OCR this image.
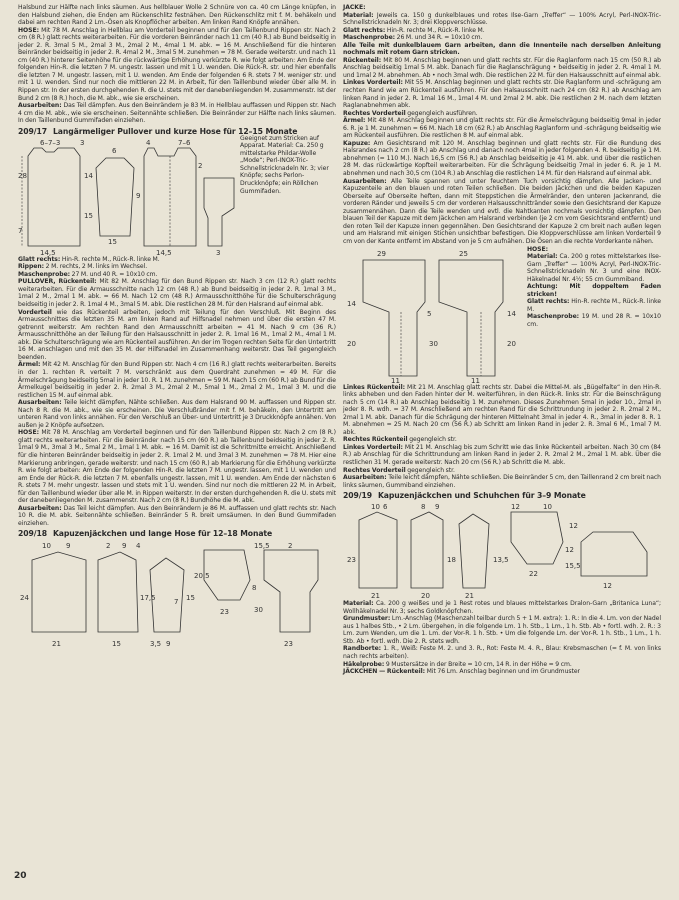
Halsbund zur Hälfte nach links säumen. Aus hellblauer Wolle 2 Schnüre von ca. 40 cm Länge knüpfen, in den Halsbund ziehen, die Enden am Rückenschlitz festnähen. Den Rückenschlitz mit f. M. behäkeln und dabei am rechten Rand 2 Lm.-Ösen als Knopflöcher arbeiten. Am linken Rand Knöpfe annähen.

HOSE: Mit 78 M. Anschlag in Hellblau am Vorderteil beginnen und für den Taillenbund Rippen str. Nach 2 cm (8 R.) glatt rechts weiterarbeiten. Für die vorderen Beinränder nach 11 cm (40 R.) ab Bund beidseitig in jeder 2. R. 3mal 5 M., 2mal 3 M., 2mal 2 M., 4mal 1 M. abk. = 16 M. Anschließend für die hinteren Beinränder beidseitig in jeder 2. R. 4mal 2 M., 3mal 5 M. zunehmen = 78 M. Gerade weiterstr. und nach 11 cm (40 R.) hinterer Seitenhöhe für die rückwärtige Erhöhung verkürzte R. wie folgt arbeiten: Am Ende der folgenden Hin-R. die letzten 7 M. ungestr. lassen und mit 1 U. wenden. Die Rück-R. str. und hier ebenfalls die letzten 7 M. ungestr. lassen, mit 1 U. wenden. Am Ende der folgenden 6 R. stets 7 M. weniger str. und mit 1 U. wenden. Sind nur noch die mittleren 22 M. in Arbeit, für den Taillenbund wieder über alle M. in Rippen str. In der ersten durchgehenden R. die U. stets mit der danebenliegenden M. zusammenstr. Ist der Bund 2 cm (8 R.) hoch, die M. abk., wie sie erscheinen.

Ausarbeiten: Das Teil dämpfen. Aus den Beinrändern je 83 M. in Hellblau auffassen und Rippen str. Nach 4 cm die M. abk., wie sie erscheinen. Seitennähte schließen. Die Beinränder zur Hälfte nach links säumen. In den Taillenbund Gummifaden einziehen.

209/17 Langärmeliger Pullover und kurze Hose für 12–15 Monate
6–7–3	3
6
4	7–6
28	14
9
15
2
7
14,5	14,5
15
3

Geeignet zum Stricken auf Apparat. Material: Ca. 250 g mittelstarke Phildar-Wolle „Mode“; Perl-INOX-Tric-Schnellstricknadeln Nr. 3; vier Knöpfe; sechs Perlon-Druckknöpfe; ein Röllchen Gummifaden.

Glatt rechts: Hin-R. rechte M., Rück-R. linke M.

Rippen: 2 M. rechts, 2 M. links im Wechsel.

Maschenprobe: 27 M. und 40 R. = 10x10 cm.

PULLOVER, Rückenteil: Mit 82 M. Anschlag für den Bund Rippen str. Nach 3 cm (12 R.) glatt rechts weiterarbeiten. Für die Armausschnitte nach 12 cm (48 R.) ab Bund beidseitig in jeder 2. R. 1mal 3 M., 1mal 2 M., 2mal 1 M. abk. = 66 M. Nach 12 cm (48 R.) Armausschnitthöhe für die Schulterschrägung beidseitig in jeder 2. R. 1mal 4 M., 3mal 5 M. abk. Die restlichen 28 M. für den Halsrand auf einmal abk.

Vorderteil wie das Rückenteil arbeiten, jedoch mit Teilung für den Verschluß. Mit Beginn des Armausschnittes die letzten 35 M. am linken Rand auf Hilfsnadel nehmen und über die ersten 47 M. getrennt weiterstr. Am rechten Rand den Armausschnitt arbeiten = 41 M. Nach 9 cm (36 R.) Armausschnitthöhe an der Teilung für den Halsausschnitt in jeder 2. R. 1mal 16 M., 1mal 2 M., 4mal 1 M. abk. Die Schulterschrägung wie am Rückenteil ausführen. An der im Trogen rechten Seite für den Untertritt 16 M. anschlagen und mit den 35 M. der Hilfsnadel im Zusammenhang weiterstr. Das Teil gegengleich beenden.

Ärmel: Mit 42 M. Anschlag für den Bund Rippen str. Nach 4 cm (16 R.) glatt rechts weiterarbeiten. Bereits in der 1. rechten R. verteilt 7 M. verschränkt aus dem Querdraht zunehmen = 49 M. Für die Ärmelschrägung beidseitig 5mal in jeder 10. R. 1 M. zunehmen = 59 M. Nach 15 cm (60 R.) ab Bund für die Ärmelkugel beidseitig in jeder 2. R. 2mal 3 M., 2mal 2 M., 5mal 1 M., 2mal 2 M., 1mal 3 M. und die restlichen 15 M. auf einmal abk.

Ausarbeiten: Teile leicht dämpfen, Nähte schließen. Aus dem Halsrand 90 M. auffassen und Rippen str. Nach 8 R. die M. abk., wie sie erscheinen. Die Verschlußränder mit f. M. behäkeln, den Untertritt am unteren Rand von links annähen. Für den Verschluß an Über- und Untertritt je 3 Druckknöpfe annähen. Von außen je 2 Knöpfe aufsetzen.

HOSE: Mit 78 M. Anschlag am Vorderteil beginnen und für den Taillenbund Rippen str. Nach 2 cm (8 R.) glatt rechts weiterarbeiten. Für die Beinränder nach 15 cm (60 R.) ab Taillenbund beidseitig in jeder 2. R. 1mal 9 M., 3mal 3 M., 5mal 2 M., 1mal 1 M. abk. = 16 M. Damit ist die Schrittmitte erreicht. Anschließend für die hinteren Beinränder beidseitig in jeder 2. R. 1mal 2 M. und 3mal 3 M. zunehmen = 78 M. Hier eine Markierung anbringen, gerade weiterstr. und nach 15 cm (60 R.) ab Markierung für die Erhöhung verkürzte R. wie folgt arbeiten: Am Ende der folgenden Hin-R. die letzten 7 M. ungestr. lassen, mit 1 U. wenden und am Ende der Rück-R. die letzten 7 M. ebenfalls ungestr. lassen, mit 1 U. wenden. Am Ende der nächsten 6 R. stets 7 M. mehr ungestr. lassen und stets mit 1 U. wenden. Sind nur noch die mittleren 22 M. in Arbeit, für den Taillenbund wieder über alle M. in Rippen weiterstr. In der ersten durchgehenden R. die U. stets mit der danebenliegenden M. zusammenstr. Nach 2 cm (8 R.) Bundhöhe die M. abk.

Ausarbeiten: Das Teil leicht dämpfen. Aus den Beinrändern je 86 M. auffassen und glatt rechts str. Nach 10 R. die M. abk. Seitennähte schließen. Beinränder 5 R. breit umsäumen. In den Bund Gummifaden einziehen.

209/18 Kapuzenjäckchen und lange Hose für 12–18 Monate
10 9	2 9 4
21	15	3,5 9
7
24	17,5	15
23
20,5
8
30
23
15,5	2

JACKE:

Material: Jeweils ca. 150 g dunkelblaues und rotes Ilse-Garn „Treffer“ — 100% Acryl, Perl-INOX-Tric-Schnellstricknadeln Nr. 3; drei Kloppverschlüsse.

Glatt rechts: Hin-R. rechte M., Rück-R. linke M.

Maschenprobe: 26 M. und 34 R. = 10x10 cm.

Alle Teile mit dunkelblauem Garn arbeiten, dann die Innenteile nach derselben Anleitung nochmals mit rotem Garn stricken.

Rückenteil: Mit 80 M. Anschlag beginnen und glatt rechts str. Für die Raglanform nach 15 cm (50 R.) ab Anschlag beidseitig 1mal 5 M. abk. Danach für die Raglanschrägung • beidseitig in jeder 2. R. 4mal 1 M. und 1mal 2 M. abnehmen. Ab • noch 3mal wdh. Die restlichen 22 M. für den Halsausschnitt auf einmal abk.

Linkes Vorderteil: Mit 55 M. Anschlag beginnen und glatt rechts str. Die Raglanform und -schrägung am rechten Rand wie am Rückenteil ausführen. Für den Halsausschnitt nach 24 cm (82 R.) ab Anschlag am linken Rand in jeder 2. R. 1mal 16 M., 1mal 4 M. und 2mal 2 M. abk. Die restlichen 2 M. nach dem letzten Raglanabnehmen abk.

Rechtes Vorderteil gegengleich ausführen.

Ärmel: Mit 48 M. Anschlag beginnen und glatt rechts str. Für die Ärmelschrägung beidseitig 9mal in jeder 6. R. je 1 M. zunehmen = 66 M. Nach 18 cm (62 R.) ab Anschlag Raglanform und -schrägung beidseitig wie am Rückenteil ausführen. Die restlichen 8 M. auf einmal abk.

Kapuze: Am Gesichtsrand mit 120 M. Anschlag beginnen und glatt rechts str. Für die Rundung des Halsrandes nach 2 cm (8 R.) ab Anschlag und danach noch 4mal in jeder folgenden 4. R. beidseitig je 1 M. abnehmen (= 110 M.). Nach 16,5 cm (56 R.) ab Anschlag beidseitig je 41 M. abk. und über die restlichen 28 M. das rückwärtige Kopfteil weiterarbeiten. Für die Schrägung beidseitig 7mal in jeder 6. R. je 1 M. abnehmen und nach 30,5 cm (104 R.) ab Anschlag die restlichen 14 M. für den Halsrand auf einmal abk.

Ausarbeiten: Alle Teile spannen und unter feuchtem Tuch vorsichtig dämpfen. Alle Jacken- und Kapuzenteile an den blauen und roten Teilen schließen. Die beiden Jäckchen und die beiden Kapuzen Oberseite auf Oberseite heften, dann mit Steppstichen die Ärmelränder, den unteren Jackenrand, die vorderen Ränder und jeweils 5 cm der vorderen Halsausschnittränder sowie den Gesichtsrand der Kapuze zusammennähen. Dann die Teile wenden und evtl. die Nahtkanten nochmals vorsichtig dämpfen. Den blauen Teil der Kapuze mit dem Jäckchen am Halsrand verbinden (je 2 cm vom Gesichtsrand entfernt) und den roten Teil der Kapuze innen gegennähen. Den Gesichtsrand der Kapuze 2 cm breit nach außen legen und am Halsrand mit einigen Stichen unsichtbar befestigen. Die Kloppverschlüsse am linken Vorderteil 9 cm von der Kante entfernt im Abstand von je 5 cm aufnähen. Die Ösen an die rechte Vorderkante nähen.

29	25
14
11	11
5	14
20	30	20

HOSE:

Material: Ca. 200 g rotes mittelstarkes Ilse-Garn „Treffer“ — 100% Acryl, Perl-INOX-Tric-Schnellstricknadeln Nr. 3 und eine INOX-Häkelnadel Nr. 4½; 55 cm Gummiband.

Achtung: Mit doppeltem Faden stricken!

Glatt rechts: Hin-R. rechte M., Rück-R. linke M.

Maschenprobe: 19 M. und 28 R. = 10x10 cm.

Linkes Rückenteil: Mit 21 M. Anschlag glatt rechts str. Dabei die Mittel-M. als „Bügelfalte“ in den Hin-R. links abheben und den Faden hinter der M. weiterführen, in den Rück-R. links str. Für die Beinschrägung nach 5 cm (14 R.) ab Anschlag beidseitig 1 M. zunehmen. Dieses Zunehmen 5mal in jeder 10., 2mal in jeder 8. R. wdh. = 37 M. Anschließend am rechten Rand für die Schrittrundung in jeder 2. R. 2mal 2 M., 2mal 1 M. abk. Danach für die Schrägung der hinteren Mittelnaht 3mal in jeder 4. R., 3mal in jeder 8. R. 1 M. abnehmen = 25 M. Nach 20 cm (56 R.) ab Schritt am linken Rand in jeder 2. R. 3mal 6 M., 1mal 7 M. abk.

Rechtes Rückenteil gegengleich str.

Linkes Vorderteil: Mit 21 M. Anschlag bis zum Schritt wie das linke Rückenteil arbeiten. Nach 30 cm (84 R.) ab Anschlag für die Schrittrundung am linken Rand in jeder 2. R. 2mal 2 M., 2mal 1 M. abk. Über die restlichen 31 M. gerade weiterstr. Nach 20 cm (56 R.) ab Schritt die M. abk.

Rechtes Vorderteil gegengleich str.

Ausarbeiten: Teile leicht dämpfen, Nähte schließen. Die Beinränder 5 cm, den Taillenrand 2 cm breit nach links säumen, Gummiband einziehen.

209/19 Kapuzenjäckchen und Schuhchen für 3–9 Monate
10 6	8 9	12	10
12
23	18
21	21
20
13,5
12
15,5
12
22

Material: Ca. 200 g weißes und je 1 Rest rotes und blaues mittelstarkes Dralon-Garn „Britanica Luna“; Wollhäkelnadel Nr. 3; sechs Goldknöpfchen.

Grundmuster: Lm.-Anschlag (Maschenzahl teilbar durch 5 + 1 M. extra): 1. R.: In die 4. Lm. von der Nadel aus 1 halbes Stb., • 2 Lm. übergehen, in die folgende Lm. 1 h. Stb., 1 Lm., 1 h. Stb. Ab • fortl. wdh. 2. R.: 3 Lm. zum Wenden, um die 1. Lm. der Vor-R. 1 h. Stb. • Um die folgende Lm. der Vor-R. 1 h. Stb., 1 Lm., 1 h. Stb. Ab • fortl. wdh. Die 2. R. stets wdh.

Randborte: 1. R., Weiß: Feste M. 2. und 3. R., Rot: Feste M. 4. R., Blau: Krebsmaschen (= f. M. von links nach rechts arbeiten).

Häkelprobe: 9 Mustersätze in der Breite = 10 cm, 14 R. in der Höhe = 9 cm.

JÄCKCHEN — Rückenteil: Mit 76 Lm. Anschlag beginnen und im Grundmuster

20
